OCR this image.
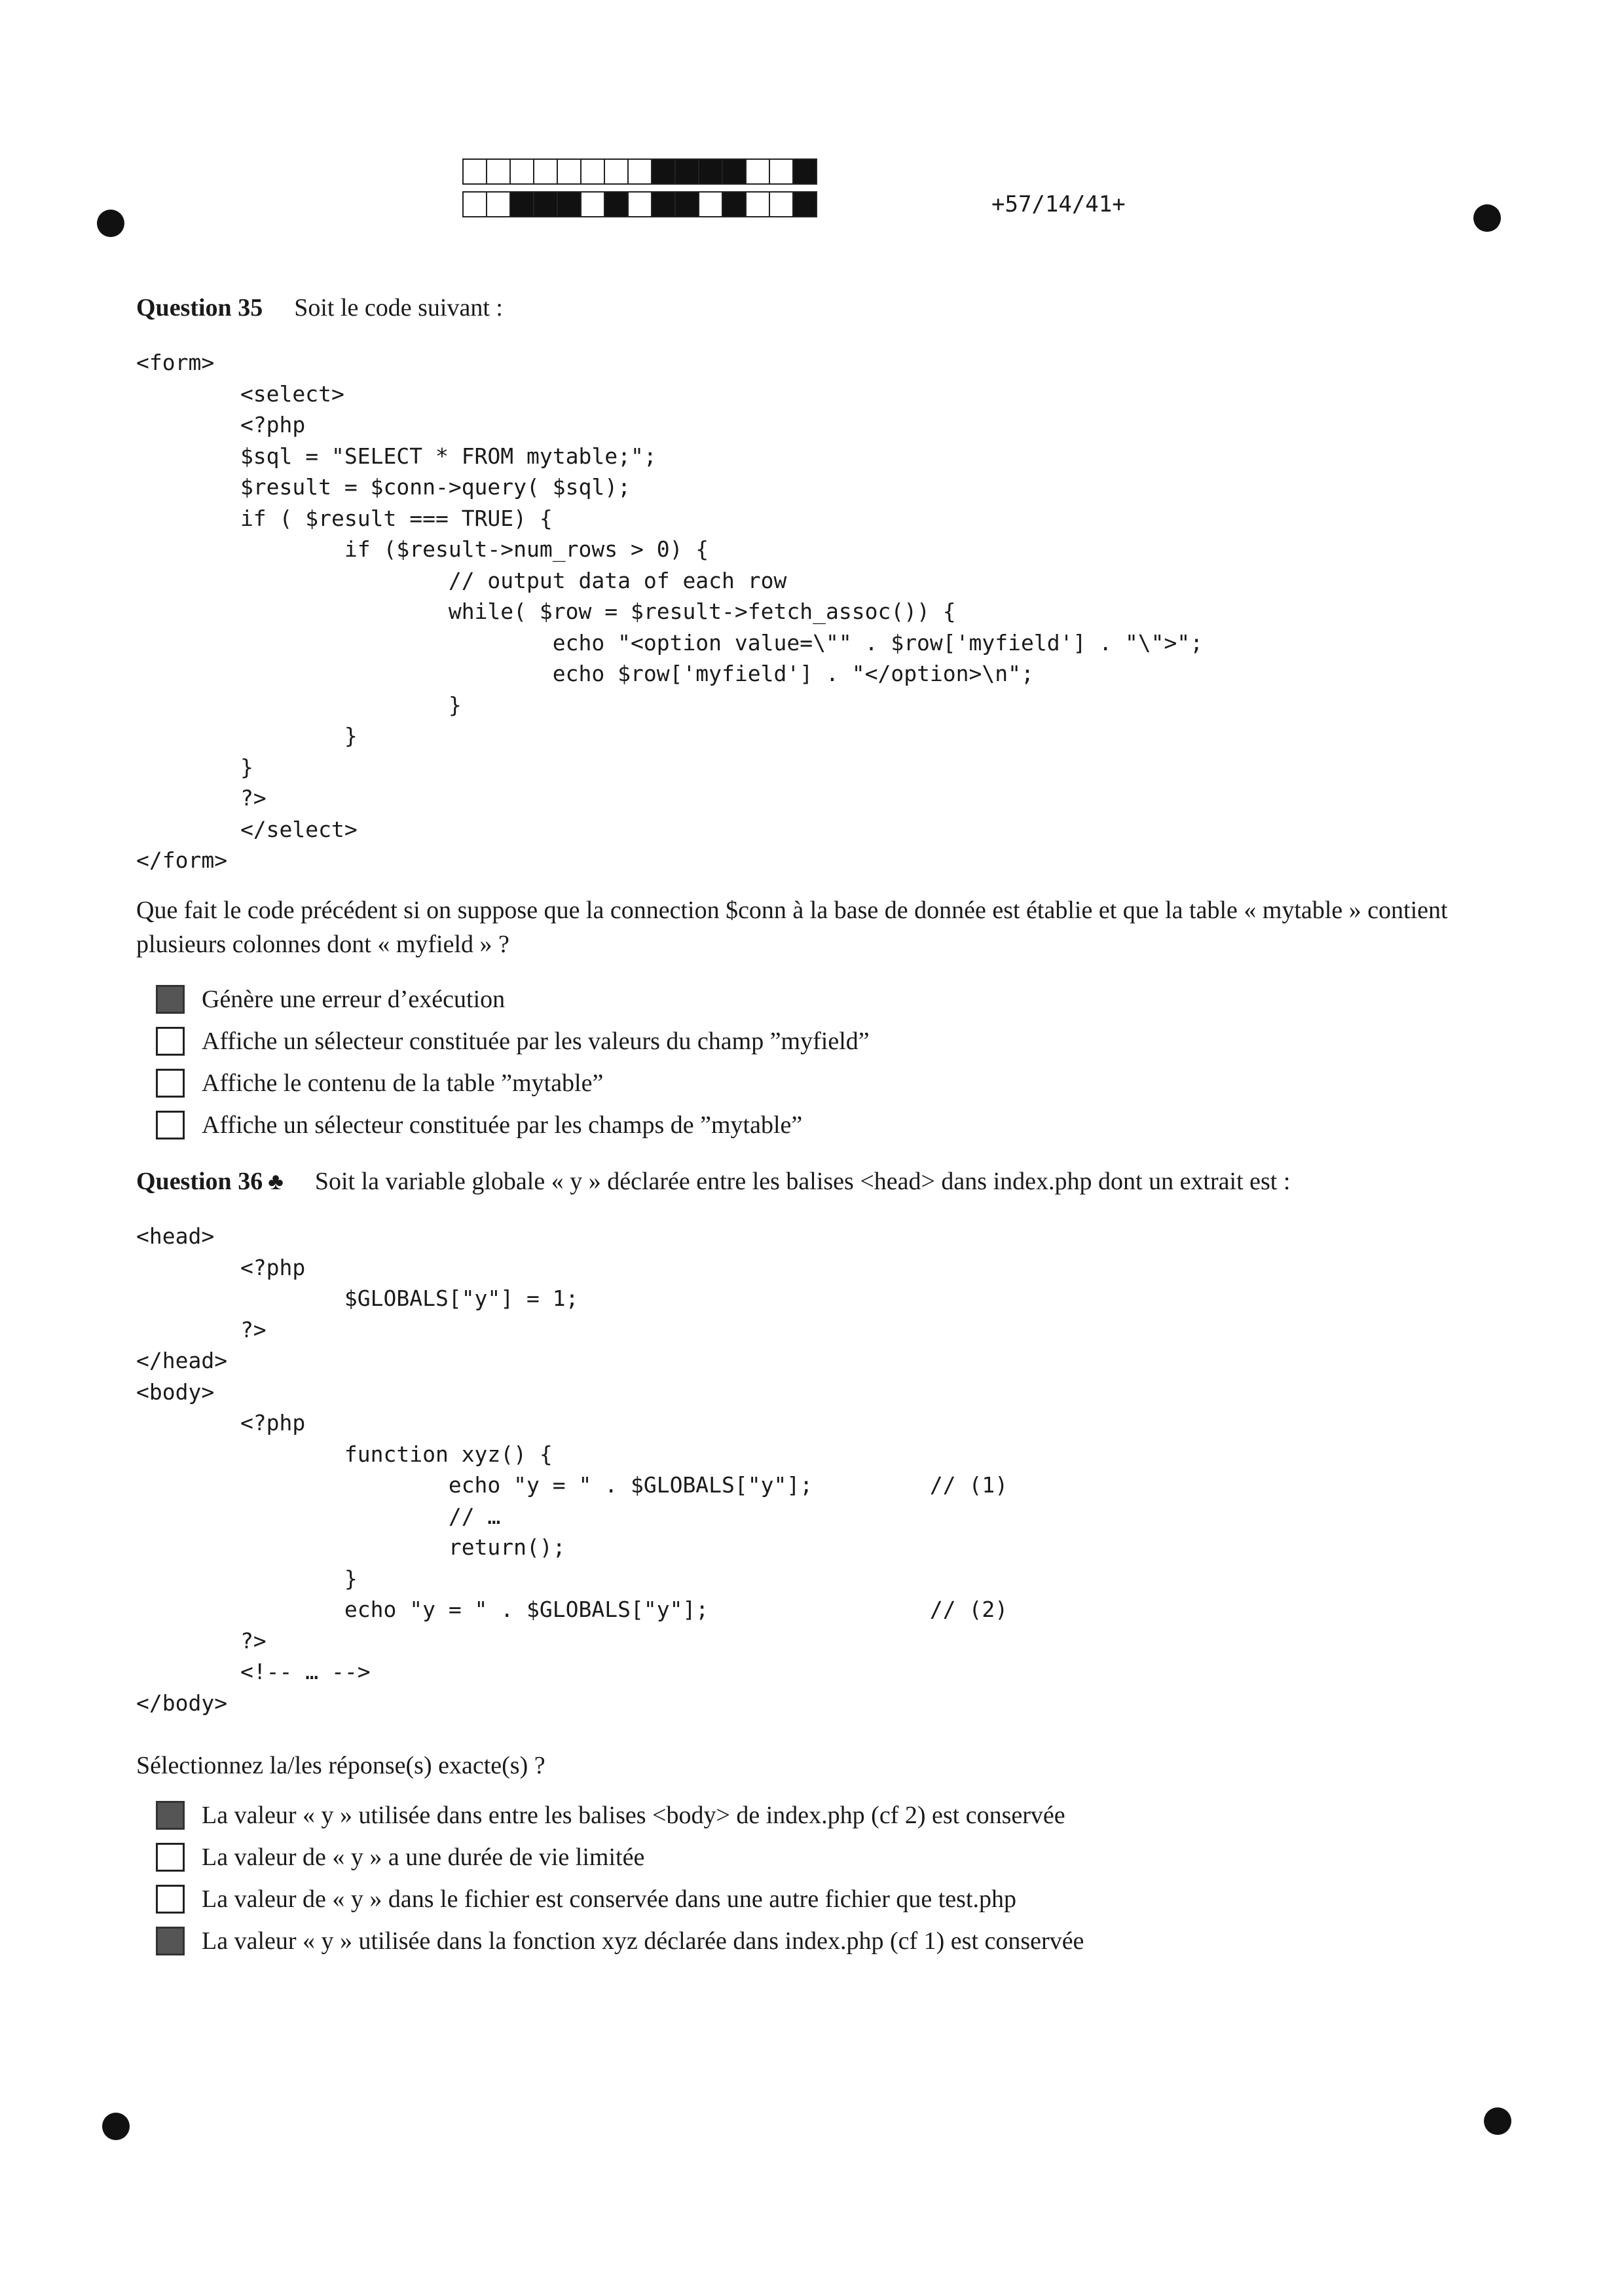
+57/14/41+
Question 35 Soit le code suivant :
<form>
<select>
<?php
$sql = "SELECT * FROM mytable;";
$result = $conn->query( $sql);
if ( $result === TRUE) {
if ($result->num_rows > 0) {
// output data of each row
while( $row = $result->fetch_assoc()) {
echo "<option value=\"" . $row['myfield'] . "\">";
echo $row['myfield'] . "</option>\n";
}
}
}
?>
</select>
</form>
Que fait le code précédent si on suppose que la connection $conn à la base de donnée est établie et que la table « mytable » contient plusieurs colonnes dont « myfield » ?
Génère une erreur d’exécution
Affiche un sélecteur constituée par les valeurs du champ ”myfield”
Affiche le contenu de la table ”mytable”
Affiche un sélecteur constituée par les champs de ”mytable”
Question 36 ♣ Soit la variable globale « y » déclarée entre les balises <head> dans index.php dont un extrait est :
<head>
<?php
$GLOBALS["y"] = 1;
?>
</head>
<body>
<?php
function xyz() {
echo "y = " . $GLOBALS["y"];         // (1)
// …
return();
}
echo "y = " . $GLOBALS["y"];                 // (2)
?>
<!-- … -->
</body>
Sélectionnez la/les réponse(s) exacte(s) ?
La valeur « y » utilisée dans entre les balises <body> de index.php (cf 2) est conservée
La valeur de « y » a une durée de vie limitée
La valeur de « y » dans le fichier est conservée dans une autre fichier que test.php
La valeur « y » utilisée dans la fonction xyz déclarée dans index.php (cf 1) est conservée
